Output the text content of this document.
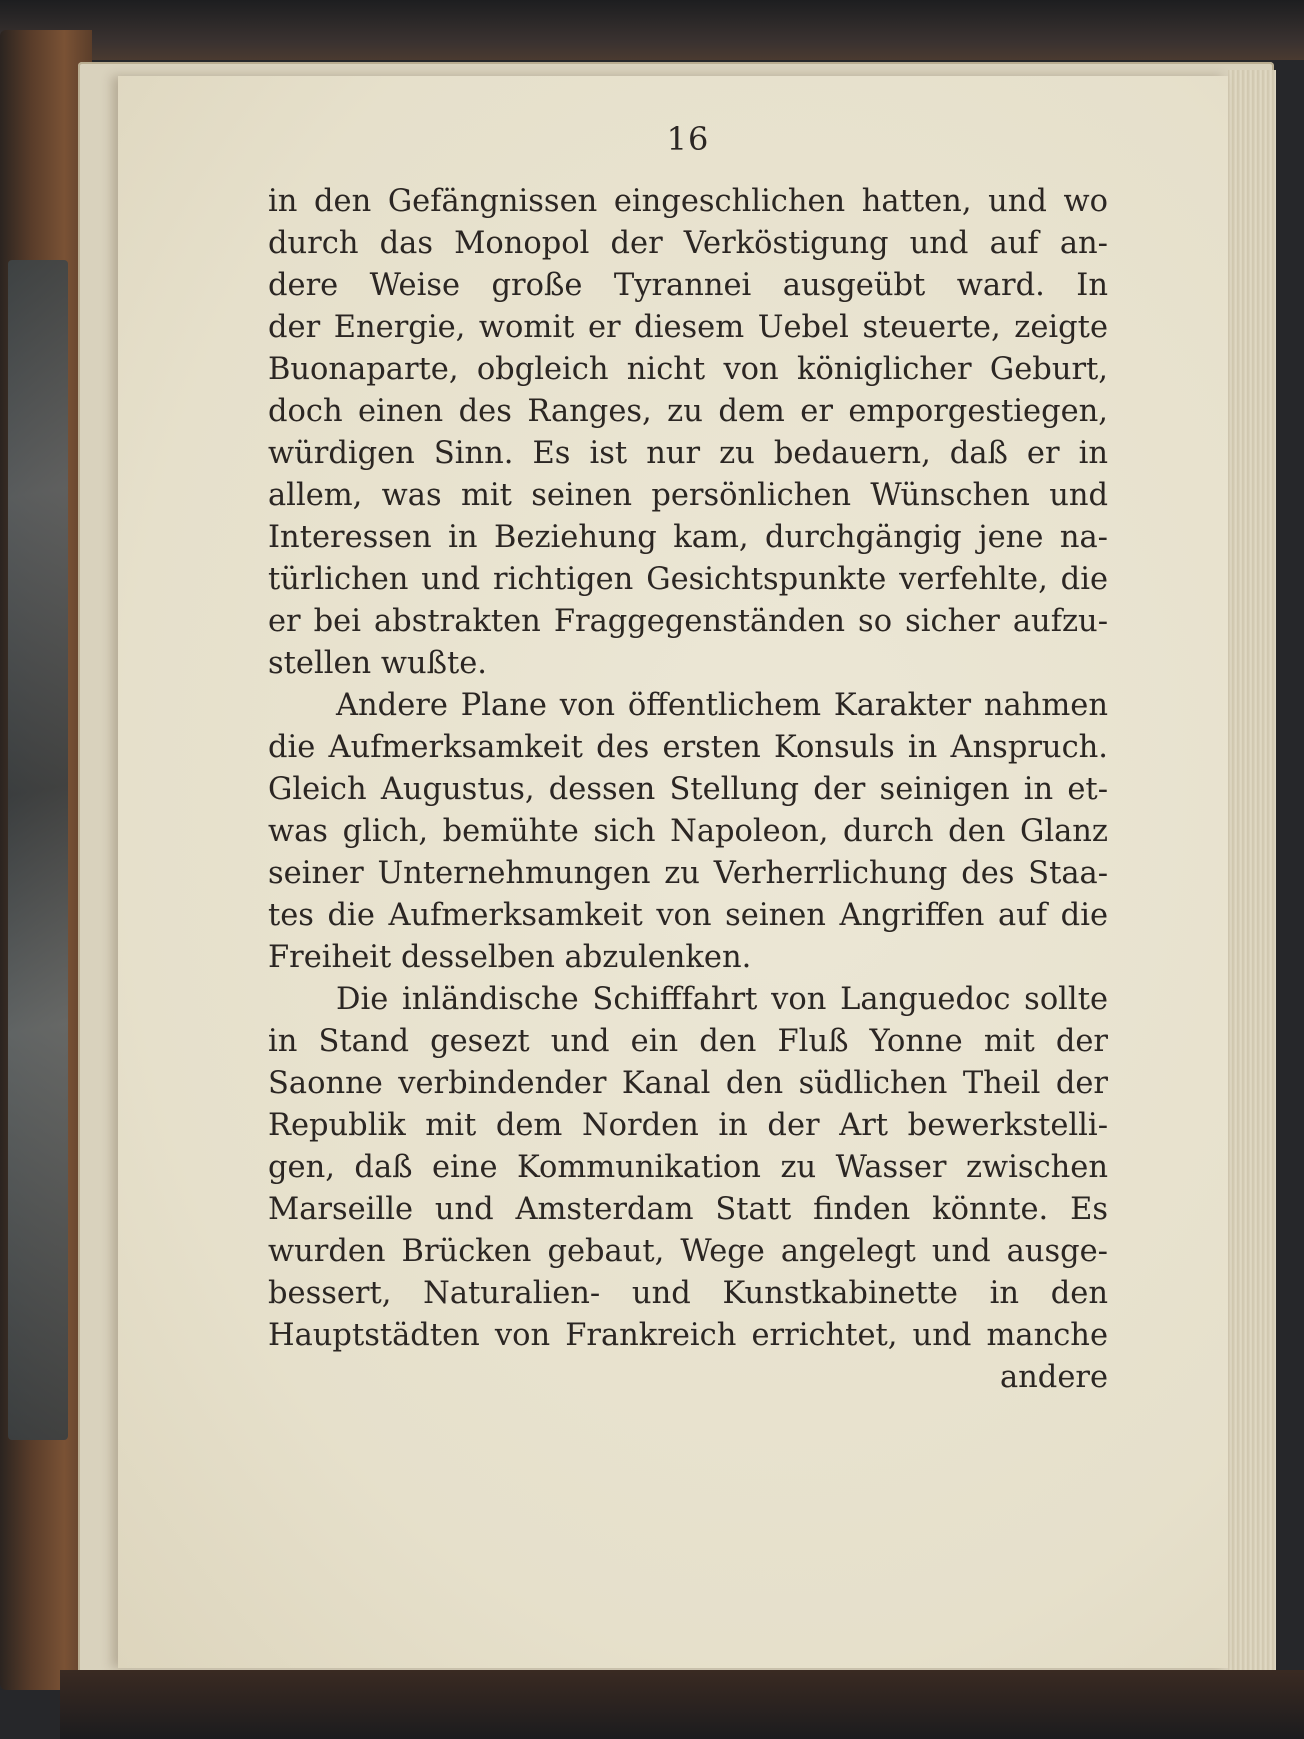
16
in den Gefängnissen eingeschlichen hatten, und wo
durch das Monopol der Verköstigung und auf an-
dere Weise große Tyrannei ausgeübt ward. In
der Energie, womit er diesem Uebel steuerte, zeigte
Buonaparte, obgleich nicht von königlicher Geburt,
doch einen des Ranges, zu dem er emporgestiegen,
würdigen Sinn. Es ist nur zu bedauern, daß er in
allem, was mit seinen persönlichen Wünschen und
Interessen in Beziehung kam, durchgängig jene na-
türlichen und richtigen Gesichtspunkte verfehlte, die
er bei abstrakten Fraggegenständen so sicher aufzu-
stellen wußte.
Andere Plane von öffentlichem Karakter nahmen
die Aufmerksamkeit des ersten Konsuls in Anspruch.
Gleich Augustus, dessen Stellung der seinigen in et-
was glich, bemühte sich Napoleon, durch den Glanz
seiner Unternehmungen zu Verherrlichung des Staa-
tes die Aufmerksamkeit von seinen Angriffen auf die
Freiheit desselben abzulenken.
Die inländische Schifffahrt von Languedoc sollte
in Stand gesezt und ein den Fluß Yonne mit der
Saonne verbindender Kanal den südlichen Theil der
Republik mit dem Norden in der Art bewerkstelli-
gen, daß eine Kommunikation zu Wasser zwischen
Marseille und Amsterdam Statt finden könnte. Es
wurden Brücken gebaut, Wege angelegt und ausge-
bessert, Naturalien- und Kunstkabinette in den
Hauptstädten von Frankreich errichtet, und manche
andere
